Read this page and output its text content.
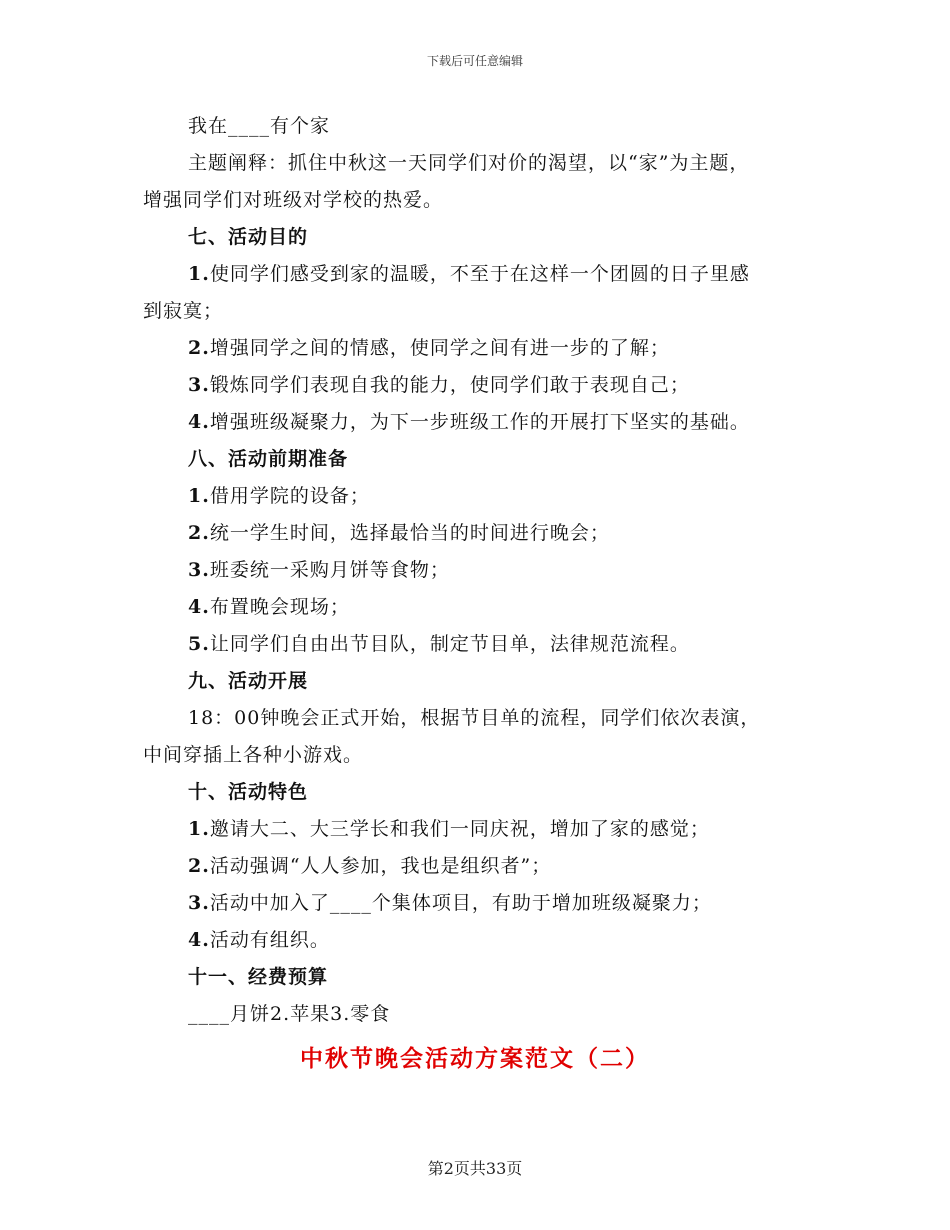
下载后可任意编辑
我在____有个家
主题阐释：抓住中秋这一天同学们对价的渴望，以“家”为主题，
增强同学们对班级对学校的热爱。
七、活动目的
1.使同学们感受到家的温暖，不至于在这样一个团圆的日子里感
到寂寞；
2.增强同学之间的情感，使同学之间有进一步的了解；
3.锻炼同学们表现自我的能力，使同学们敢于表现自己；
4.增强班级凝聚力，为下一步班级工作的开展打下坚实的基础。
八、活动前期准备
1.借用学院的设备；
2.统一学生时间，选择最恰当的时间进行晚会；
3.班委统一采购月饼等食物；
4.布置晚会现场；
5.让同学们自由出节目队，制定节目单，法律规范流程。
九、活动开展
18：00钟晚会正式开始，根据节目单的流程，同学们依次表演，
中间穿插上各种小游戏。
十、活动特色
1.邀请大二、大三学长和我们一同庆祝，增加了家的感觉；
2.活动强调“人人参加，我也是组织者”；
3.活动中加入了____个集体项目，有助于增加班级凝聚力；
4.活动有组织。
十一、经费预算
____月饼2.苹果3.零食
中秋节晚会活动方案范文（二）
第2页共33页
